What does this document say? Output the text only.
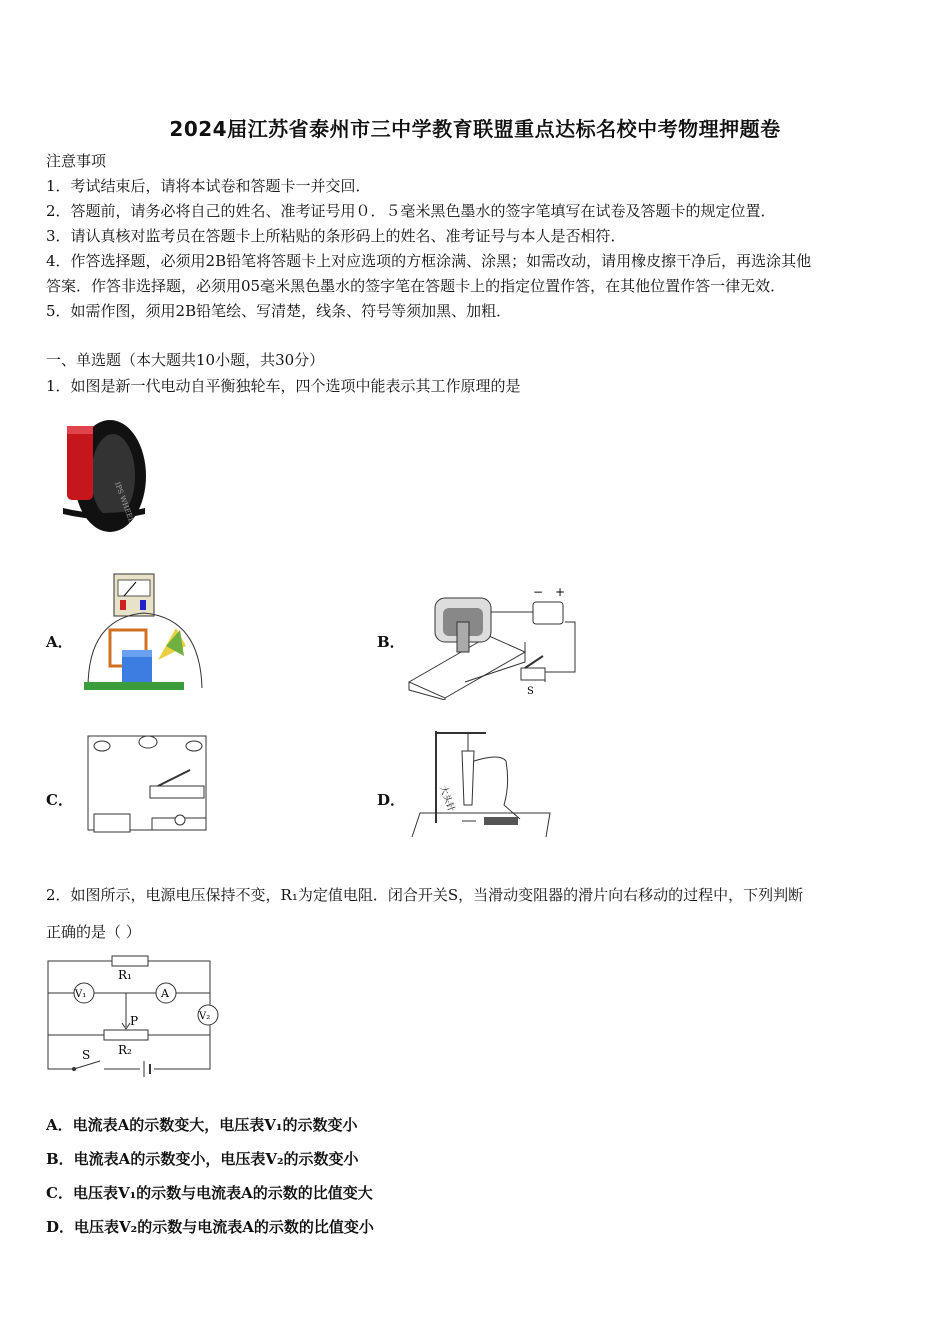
2024届江苏省泰州市三中学教育联盟重点达标名校中考物理押题卷
注意事项
1．考试结束后，请将本试卷和答题卡一并交回．
2．答题前，请务必将自己的姓名、准考证号用０．５毫米黑色墨水的签字笔填写在试卷及答题卡的规定位置．
3．请认真核对监考员在答题卡上所粘贴的条形码上的姓名、准考证号与本人是否相符．
4．作答选择题，必须用2B铅笔将答题卡上对应选项的方框涂满、涂黑；如需改动，请用橡皮擦干净后，再选涂其他
答案．作答非选择题，必须用05毫米黑色墨水的签字笔在答题卡上的指定位置作答，在其他位置作答一律无效．
5．如需作图，须用2B铅笔绘、写清楚，线条、符号等须加黑、加粗．
一、单选题（本大题共10小题，共30分）
1．如图是新一代电动自平衡独轮车，四个选项中能表示其工作原理的是
IPS WHEEL
A．	B．
− +
S
C．	D．	大头针
2．如图所示，电源电压保持不变，R₁为定值电阻．闭合开关S，当滑动变阻器的滑片向右移动的过程中，下列判断
正确的是（ ）
R₁
V₁	A
V₂
P
R₂
S
A．电流表A的示数变大，电压表V₁的示数变小
B．电流表A的示数变小，电压表V₂的示数变小
C．电压表V₁的示数与电流表A的示数的比值变大
D．电压表V₂的示数与电流表A的示数的比值变小
